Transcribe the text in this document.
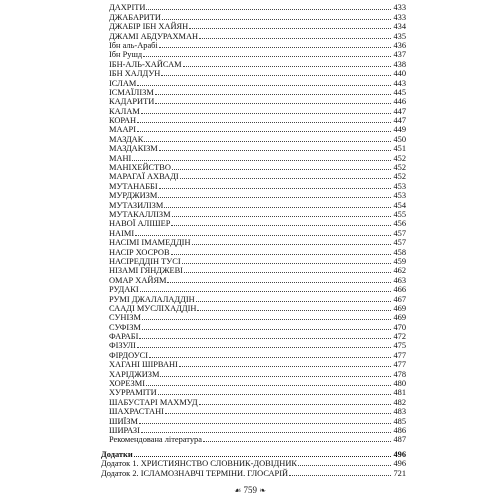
ДАХРІТИ	433
ДЖАБАРИТИ	433
ДЖАБІР ІБН ХАЙЯН	434
ДЖАМІ АБДУРАХМАН	435
Ібн аль-Арабі	436
Ібн Рушд	437
ІБН-АЛЬ-ХАЙСАМ	438
ІБН ХАЛДУН	440
ІСЛАМ	443
ІСМАЇЛІЗМ	445
КАДАРИТИ	446
КАЛАМ	447
КОРАН	447
МААРІ	449
МАЗДАК	450
МАЗДАКІЗМ	451
МАНІ	452
МАНІХЕЙСТВО	452
МАРАГАЇ АХВАДІ	452
МУТАНАББІ	453
МУРДЖИЗМ	453
МУТАЗИЛІЗМ	454
МУТАКАЛЛІЗМ	455
НАВОЇ АЛІШЕР	456
НАІМІ	457
НАСІМІ ІМАМЕДДІН	457
НАСІР ХОСРОВ	458
НАСІРЕДДІН ТУСІ	459
НІЗАМІ ГЯНДЖЕВІ	462
ОМАР ХАЙЯМ	463
РУДАКІ	466
РУМІ ДЖАЛАЛАДДІН	467
СААДІ МУСЛІХАДДІН	469
СУНІЗМ	469
СУФІЗМ	470
ФАРАБІ	472
ФІЗУЛІ	475
ФІРДОУСІ	477
ХАГАНІ ШІРВАНІ	477
ХАРІДЖИЗМ	478
ХОРЕЗМІ	480
ХУРРАМІТИ	481
ШАБУСТАРІ МАХМУД	482
ШАХРАСТАНІ	483
ШИЇЗМ	485
ШИРАЗІ	486
Рекомендована література	487
Додатки	496
Додаток 1. ХРИСТИЯНСТВО СЛОВНИК-ДОВІДНИК	496
Додаток 2. ІСЛАМОЗНАВЧІ ТЕРМІНИ. ГЛОСАРІЙ	721
☙ 759 ❧
